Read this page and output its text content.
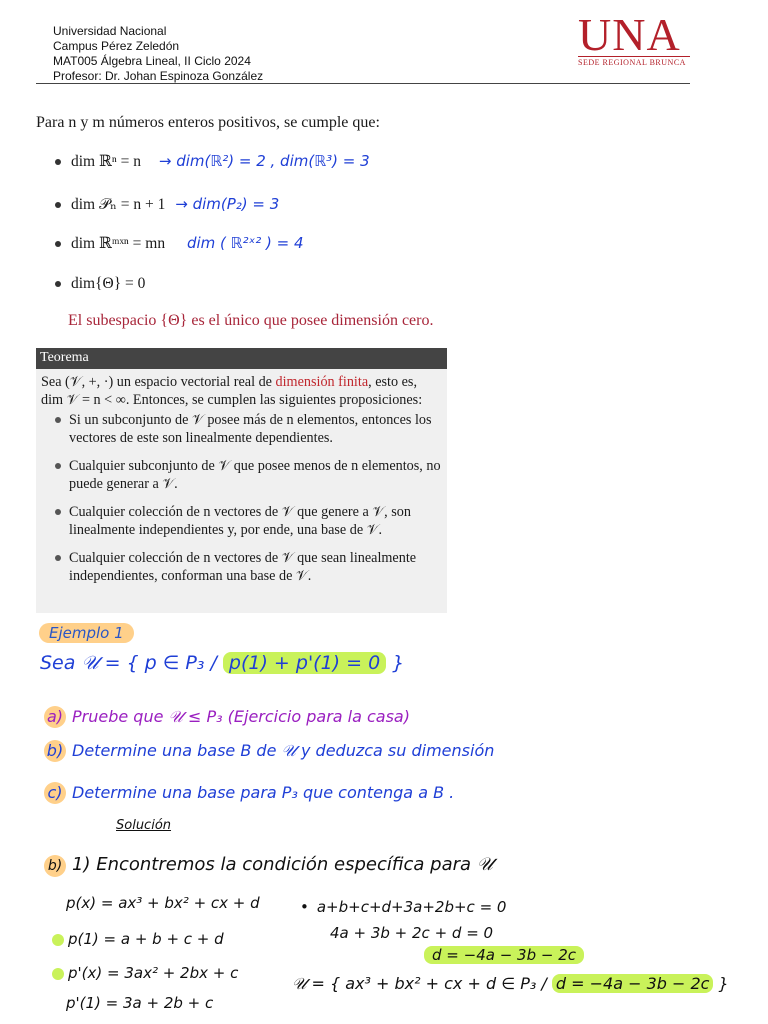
Universidad Nacional
Campus Pérez Zeledón
MAT005 Álgebra Lineal, II Ciclo 2024
Profesor: Dr. Johan Espinoza González
UNA
SEDE REGIONAL BRUNCA
Para n y m números enteros positivos, se cumple que:
dim ℝⁿ = n → dim(ℝ²) = 2 , dim(ℝ³) = 3
dim 𝒫ₙ = n + 1 → dim(P₂) = 3
dim ℝᵐˣⁿ = mn dim ( ℝ²ˣ² ) = 4
dim{Θ} = 0
El subespacio {Θ} es el único que posee dimensión cero.
Teorema
Sea (𝒱, +, ·) un espacio vectorial real de dimensión finita, esto es, dim 𝒱 = n < ∞. Entonces, se cumplen las siguientes proposiciones:
Si un subconjunto de 𝒱 posee más de n elementos, entonces los vectores de este son linealmente dependientes.
Cualquier subconjunto de 𝒱 que posee menos de n elementos, no puede generar a 𝒱.
Cualquier colección de n vectores de 𝒱 que genere a 𝒱, son linealmente independientes y, por ende, una base de 𝒱.
Cualquier colección de n vectores de 𝒱 que sean linealmente independientes, conforman una base de 𝒱.
Ejemplo 1
Sea 𝒰 = { p ∈ P₃ / p(1) + p'(1) = 0 }
a) Pruebe que 𝒰 ≤ P₃ (Ejercicio para la casa)
b) Determine una base B de 𝒰 y deduzca su dimensión
c) Determine una base para P₃ que contenga a B .
Solución
b) 1) Encontremos la condición específica para 𝒰
p(x) = ax³ + bx² + cx + d
p(1) = a + b + c + d
p'(x) = 3ax² + 2bx + c
p'(1) = 3a + 2b + c
• a+b+c+d+3a+2b+c = 0
4a + 3b + 2c + d = 0
d = −4a − 3b − 2c
𝒰 = { ax³ + bx² + cx + d ∈ P₃ / d = −4a − 3b − 2c }
